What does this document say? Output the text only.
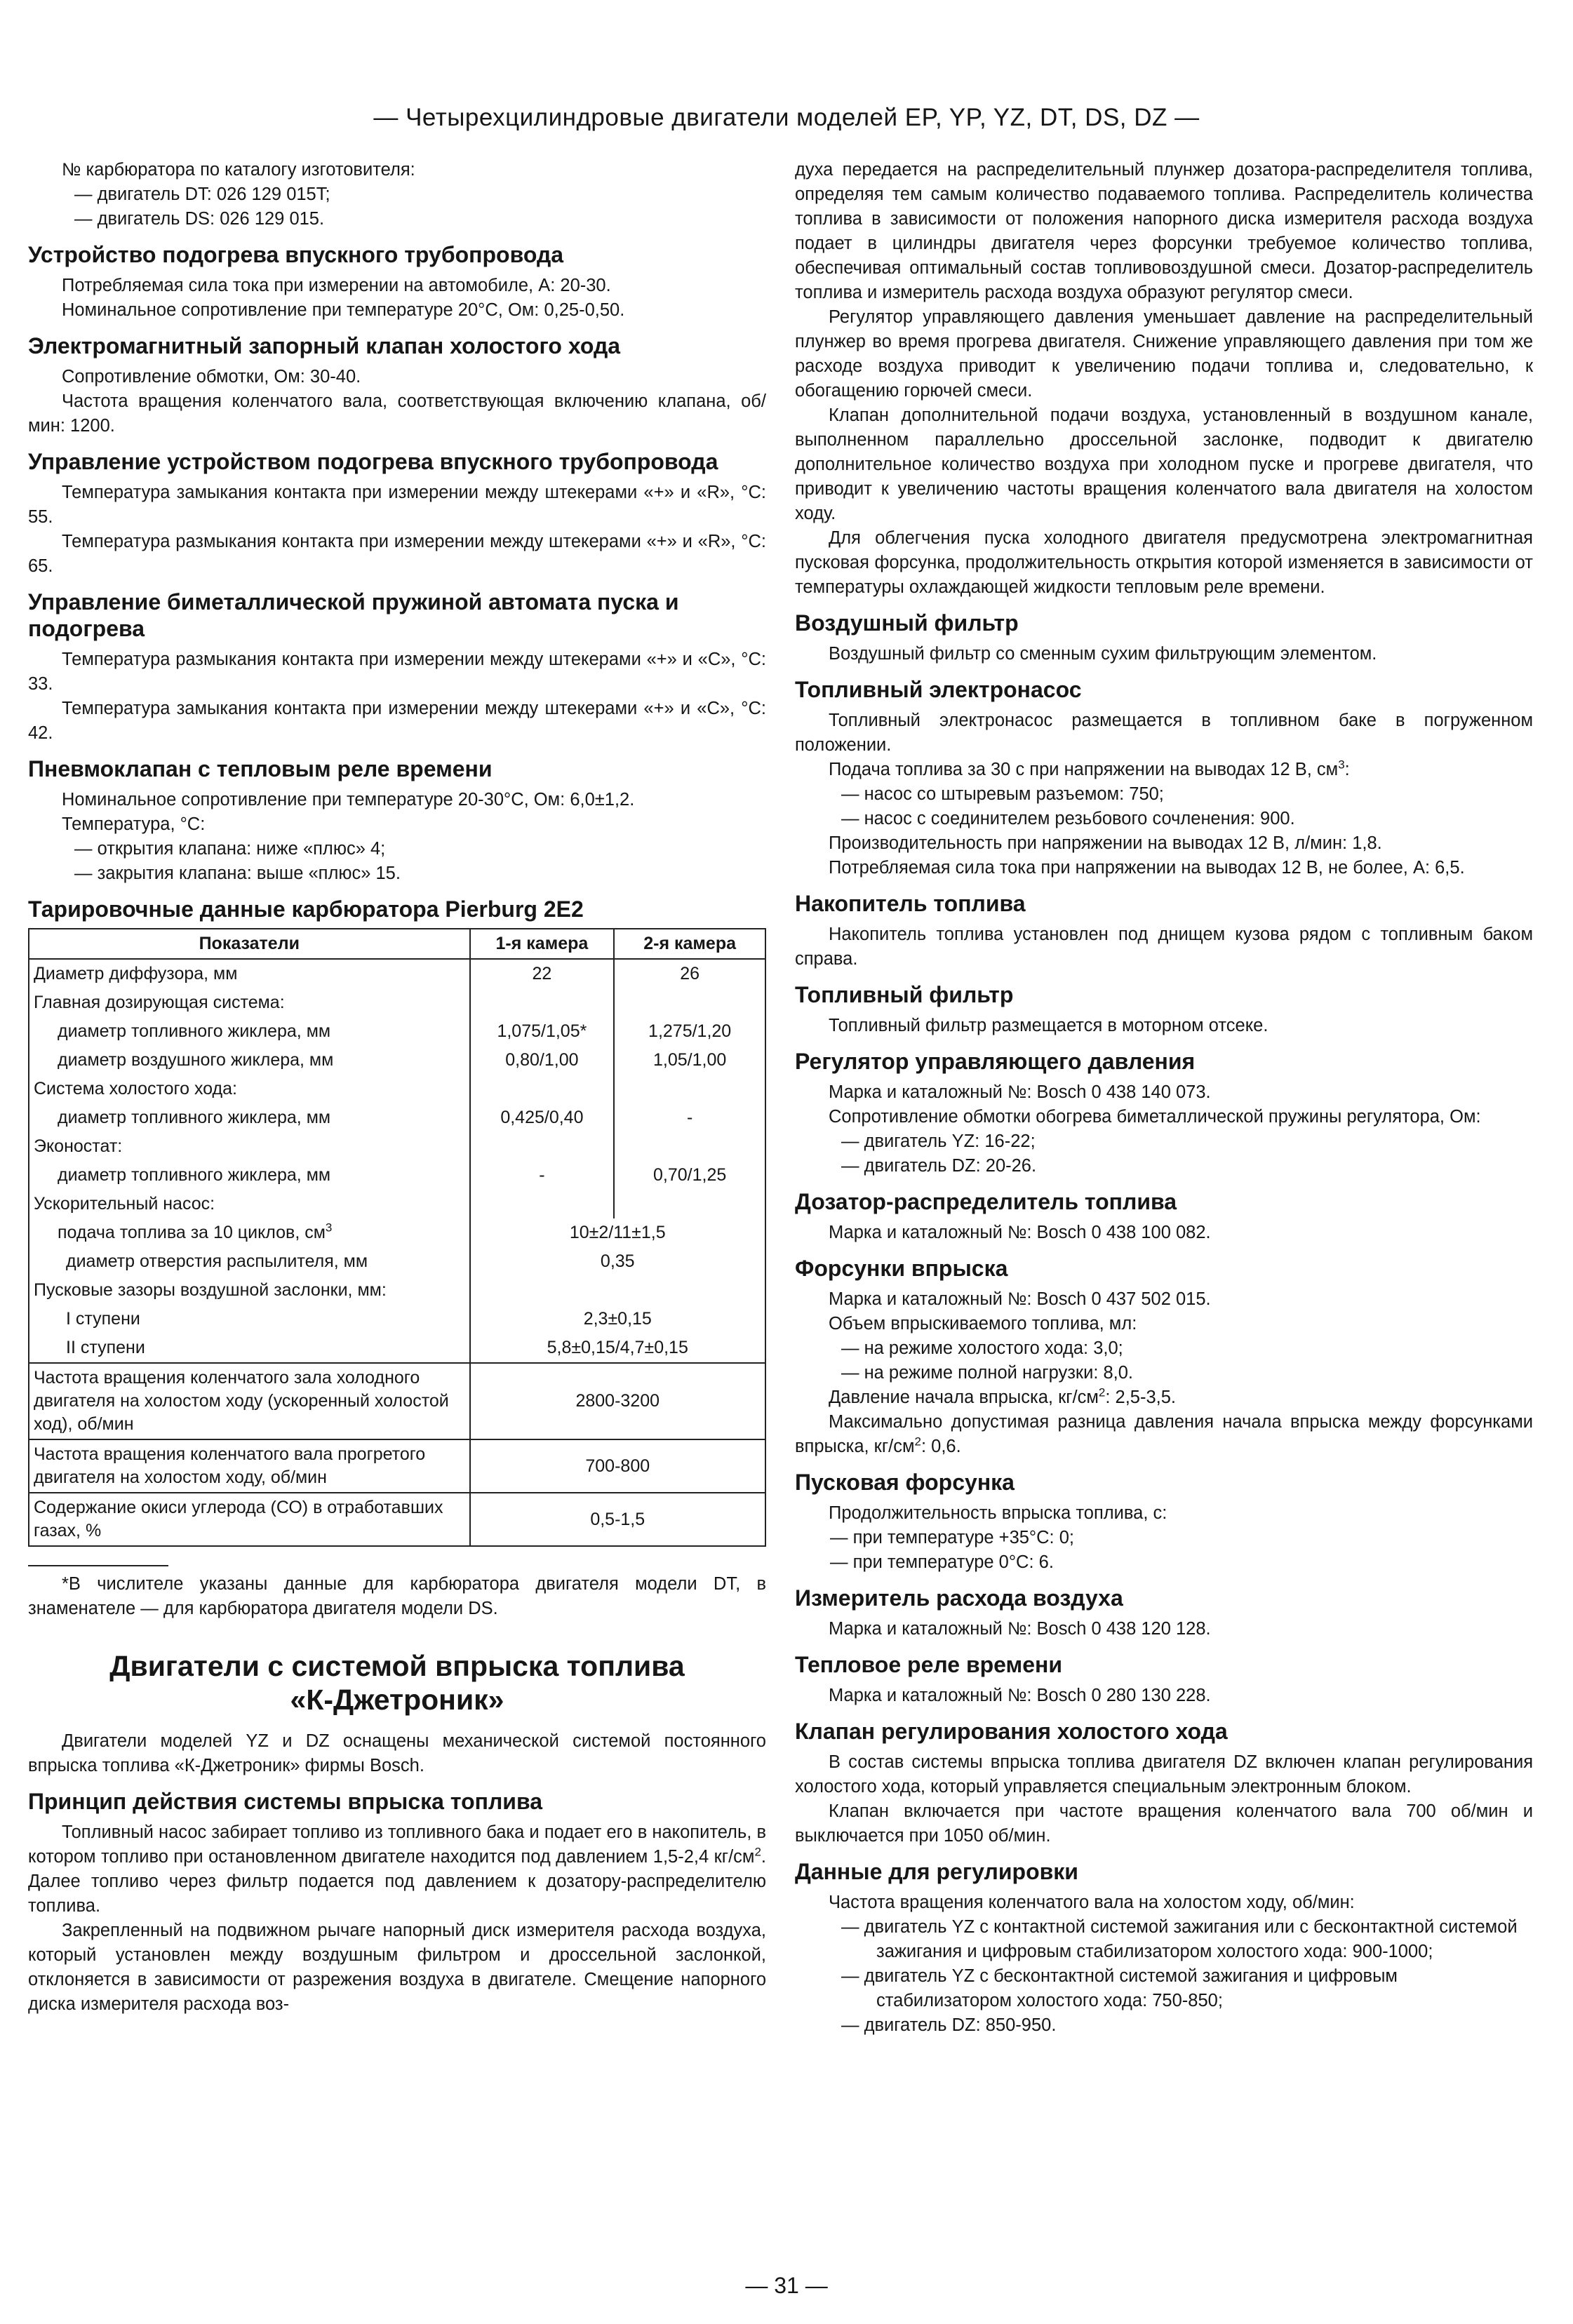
— Четырехцилиндровые двигатели моделей EP, YP, YZ, DT, DS, DZ —

№ карбюратора по каталогу изготовителя:

— двигатель DT: 026 129 015T;

— двигатель DS: 026 129 015.

Устройство подогрева впускного трубопровода

Потребляемая сила тока при измерении на автомобиле, А: 20-30.

Номинальное сопротивление при температуре 20°С, Ом: 0,25-0,50.

Электромагнитный запорный клапан холостого хода

Сопротивление обмотки, Ом: 30-40.

Частота вращения коленчатого вала, соответствующая включению клапана, об/мин: 1200.

Управление устройством подогрева впускного трубопровода

Температура замыкания контакта при измерении между штекерами «+» и «R», °С: 55.

Температура размыкания контакта при измерении между штекерами «+» и «R», °С: 65.

Управление биметаллической пружиной автомата пуска и подогрева

Температура размыкания контакта при измерении между штекерами «+» и «С», °С: 33.

Температура замыкания контакта при измерении между штекерами «+» и «С», °С: 42.

Пневмоклапан с тепловым реле времени

Номинальное сопротивление при температуре 20-30°С, Ом: 6,0±1,2.

Температура, °С:

— открытия клапана: ниже «плюс» 4;

— закрытия клапана: выше «плюс» 15.

Тарировочные данные карбюратора Pierburg 2E2
Показатели	1-я камера	2-я камера
Диаметр диффузора, мм	22	26
Главная дозирующая система:		
диаметр топливного жиклера, мм	1,075/1,05*	1,275/1,20
диаметр воздушного жиклера, мм	0,80/1,00	1,05/1,00
Система холостого хода:		
диаметр топливного жиклера, мм	0,425/0,40	-
Эконостат:		
диаметр топливного жиклера, мм	-	0,70/1,25
Ускорительный насос:		
подача топлива за 10 циклов, $см^3$	10±2/11±1,5	
диаметр отверстия распылителя, мм	0,35	
Пусковые зазоры воздушной заслонки, мм:		
I ступени	2,3±0,15	
II ступени	5,8±0,15/4,7±0,15	
Частота вращения коленчатого зала холодного двигателя на холостом ходу (ускоренный холостой ход), об/мин	2800-3200	
Частота вращения коленчатого вала прогретого двигателя на холостом ходу, об/мин	700-800	
Содержание окиси углерода (СО) в отработавших газах, %	0,5-1,5	

*В числителе указаны данные для карбюратора двигателя модели DT, в знаменателе — для карбюратора двигателя модели DS.

Двигатели с системой впрыска топлива
«К-Джетроник»

Двигатели моделей YZ и DZ оснащены механической системой постоянного впрыска топлива «К-Джетроник» фирмы Bosch.

Принцип действия системы впрыска топлива

Топливный насос забирает топливо из топливного бака и подает его в накопитель, в котором топливо при остановленном двигателе находится под давлением 1,5-2,4 $кг/см^2$. Далее топливо через фильтр подается под давлением к дозатору-распределителю топлива.

Закрепленный на подвижном рычаге напорный диск измерителя расхода воздуха, который установлен между воздушным фильтром и дроссельной заслонкой, отклоняется в зависимости от разрежения воздуха в двигателе. Смещение напорного диска измерителя расхода воз-

духа передается на распределительный плунжер дозатора-распределителя топлива, определяя тем самым количество подаваемого топлива. Распределитель количества топлива в зависимости от положения напорного диска измерителя расхода воздуха подает в цилиндры двигателя через форсунки требуемое количество топлива, обеспечивая оптимальный состав топливовоздушной смеси. Дозатор-распределитель топлива и измеритель расхода воздуха образуют регулятор смеси.

Регулятор управляющего давления уменьшает давление на распределительный плунжер во время прогрева двигателя. Снижение управляющего давления при том же расходе воздуха приводит к увеличению подачи топлива и, следовательно, к обогащению горючей смеси.

Клапан дополнительной подачи воздуха, установленный в воздушном канале, выполненном параллельно дроссельной заслонке, подводит к двигателю дополнительное количество воздуха при холодном пуске и прогреве двигателя, что приводит к увеличению частоты вращения коленчатого вала двигателя на холостом ходу.

Для облегчения пуска холодного двигателя предусмотрена электромагнитная пусковая форсунка, продолжительность открытия которой изменяется в зависимости от температуры охлаждающей жидкости тепловым реле времени.

Воздушный фильтр

Воздушный фильтр со сменным сухим фильтрующим элементом.

Топливный электронасос

Топливный электронасос размещается в топливном баке в погруженном положении.

Подача топлива за 30 с при напряжении на выводах 12 В, $см^3$:

— насос со штыревым разъемом: 750;

— насос с соединителем резьбового сочленения: 900.

Производительность при напряжении на выводах 12 В, л/мин: 1,8.

Потребляемая сила тока при напряжении на выводах 12 В, не более, А: 6,5.

Накопитель топлива

Накопитель топлива установлен под днищем кузова рядом с топливным баком справа.

Топливный фильтр

Топливный фильтр размещается в моторном отсеке.

Регулятор управляющего давления

Марка и каталожный №: Bosch 0 438 140 073.

Сопротивление обмотки обогрева биметаллической пружины регулятора, Ом:

— двигатель YZ: 16-22;

— двигатель DZ: 20-26.

Дозатор-распределитель топлива

Марка и каталожный №: Bosch 0 438 100 082.

Форсунки впрыска

Марка и каталожный №: Bosch 0 437 502 015.

Объем впрыскиваемого топлива, мл:

— на режиме холостого хода: 3,0;

— на режиме полной нагрузки: 8,0.

Давление начала впрыска, $кг/см^2$: 2,5-3,5.

Максимально допустимая разница давления начала впрыска между форсунками впрыска, $кг/см^2$: 0,6.

Пусковая форсунка

Продолжительность впрыска топлива, с:

— при температуре +35°С: 0;

— при температуре 0°С: 6.

Измеритель расхода воздуха

Марка и каталожный №: Bosch 0 438 120 128.

Тепловое реле времени

Марка и каталожный №: Bosch 0 280 130 228.

Клапан регулирования холостого хода

В состав системы впрыска топлива двигателя DZ включен клапан регулирования холостого хода, который управляется специальным электронным блоком.

Клапан включается при частоте вращения коленчатого вала 700 об/мин и выключается при 1050 об/мин.

Данные для регулировки

Частота вращения коленчатого вала на холостом ходу, об/мин:

— двигатель YZ с контактной системой зажигания или с бесконтактной системой зажигания и цифровым стабилизатором холостого хода: 900-1000;

— двигатель YZ с бесконтактной системой зажигания и цифровым стабилизатором холостого хода: 750-850;

— двигатель DZ: 850-950.

— 31 —
